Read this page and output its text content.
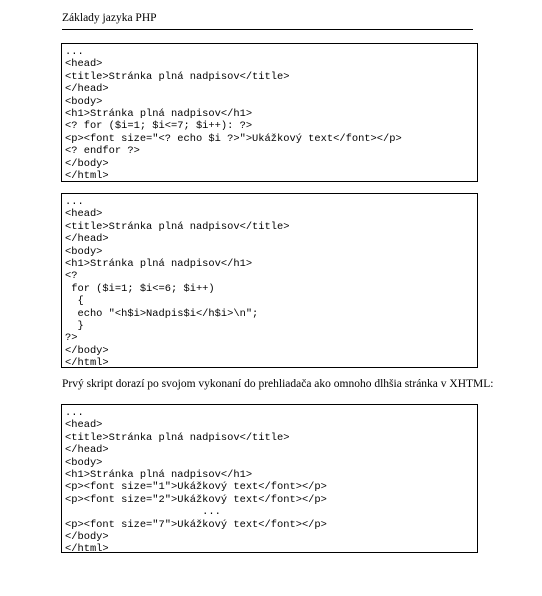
Základy jazyka PHP
...
<head>
<title>Stránka plná nadpisov</title>
</head>
<body>
<h1>Stránka plná nadpisov</h1>
<? for ($i=1; $i<=7; $i++): ?>
<p><font size="<? echo $i ?>">Ukážkový text</font></p>
<? endfor ?>
</body>
</html>
...
<head>
<title>Stránka plná nadpisov</title>
</head>
<body>
<h1>Stránka plná nadpisov</h1>
<?
for ($i=1; $i<=6; $i++)
{
echo "<h$i>Nadpis$i</h$i>\n";
}
?>
</body>
</html>
Prvý skript dorazí po svojom vykonaní do prehliadača ako omnoho dlhšia stránka v XHTML:
...
<head>
<title>Stránka plná nadpisov</title>
</head>
<body>
<h1>Stránka plná nadpisov</h1>
<p><font size="1">Ukážkový text</font></p>
<p><font size="2">Ukážkový text</font></p>
...
<p><font size="7">Ukážkový text</font></p>
</body>
</html>
